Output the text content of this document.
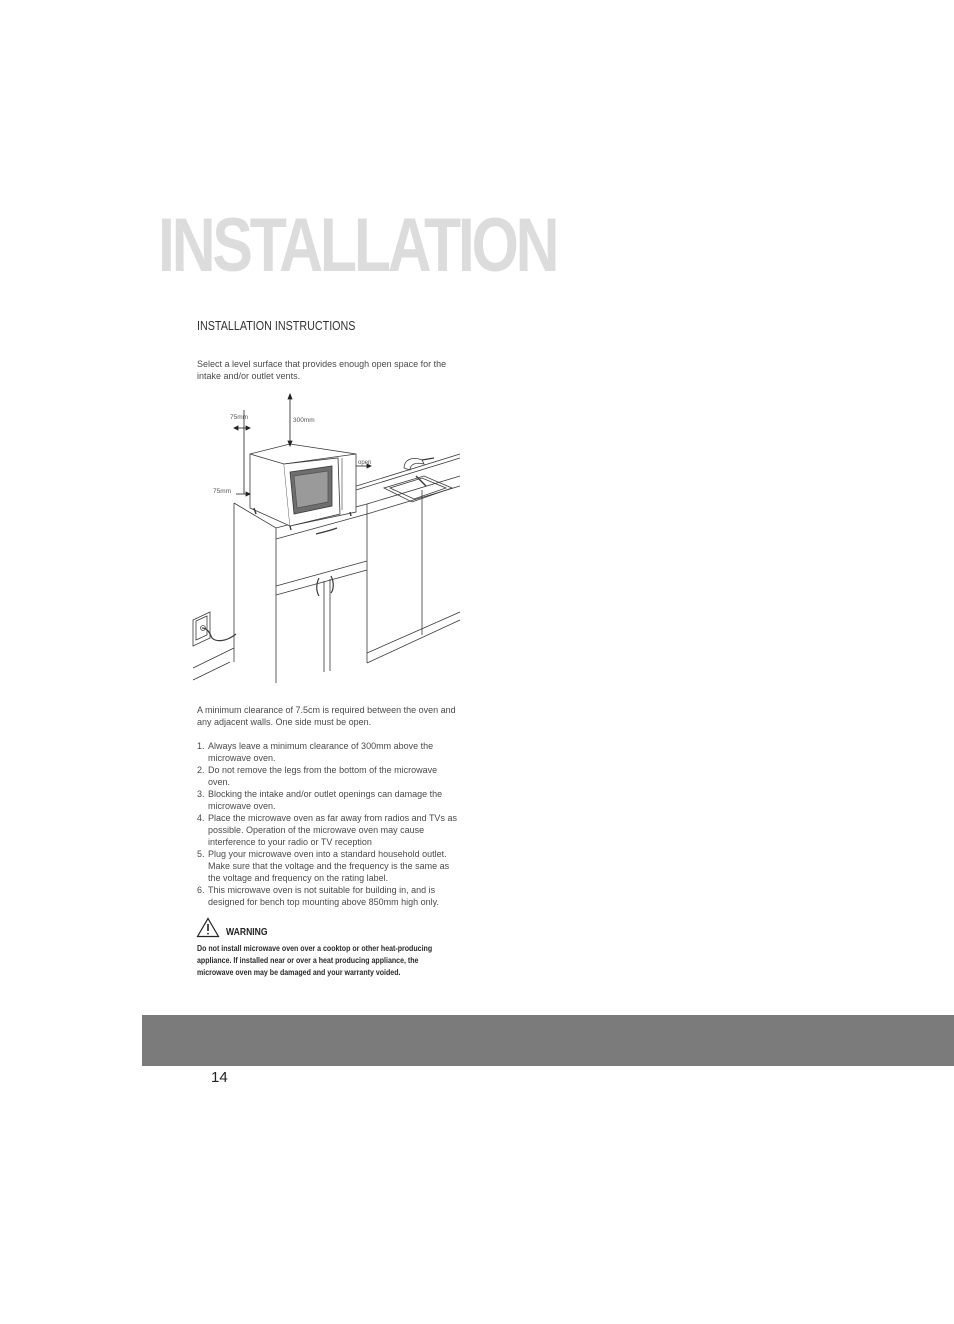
INSTALLATION
INSTALLATION INSTRUCTIONS

Select a level surface that provides enough open space for the intake and/or outlet vents.

75mm	300mm
75mm
open

A minimum clearance of 7.5cm is required between the oven and any adjacent walls. One side must be open.

1. Always leave a minimum clearance of 300mm above the microwave oven.
2. Do not remove the legs from the bottom of the microwave oven.
3. Blocking the intake and/or outlet openings can damage the microwave oven.
4. Place the microwave oven as far away from radios and TVs as possible. Operation of the microwave oven may cause interference to your radio or TV reception
5. Plug your microwave oven into a standard household outlet. Make sure that the voltage and the frequency is the same as the voltage and frequency on the rating label.
6. This microwave oven is not suitable for building in, and is designed for bench top mounting above 850mm high only.
WARNING

Do not install microwave oven over a cooktop or other heat-producing appliance. If installed near or over a heat producing appliance, the microwave oven may be damaged and your warranty voided.

14
